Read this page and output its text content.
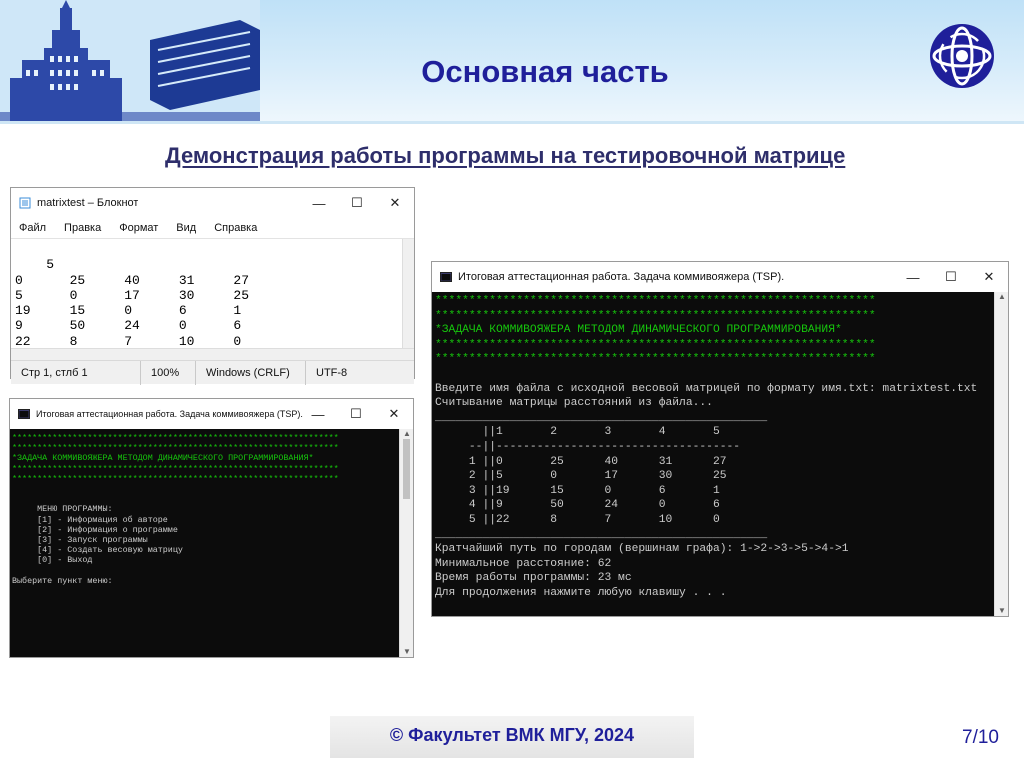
Основная часть
Демонстрация работы программы на тестировочной матрице
matrixtest – Блокнот	—	☐	✕
Файл Правка Формат Вид Справка

5
0      25     40     31     27
5      0      17     30     25
19     15     0      6      1
9      50     24     0      6
22     8      7      10     0

Стр 1, стлб 1	100%	Windows (CRLF)	UTF-8
Итоговая аттестационная работа. Задача коммивояжера (TSP). —	☐	✕
*****************************************************************
*****************************************************************
*ЗАДАЧА КОММИВОЯЖЕРА МЕТОДОМ ДИНАМИЧЕСКОГО ПРОГРАММИРОВАНИЯ*
*****************************************************************
*****************************************************************

МЕНЮ ПРОГРАММЫ:
[1] - Информация об авторе
[2] - Информация о программе
[3] - Запуск программы
[4] - Создать весовую матрицу
[0] - Выход

Выберите пункт меню:
▲
▼
Итоговая аттестационная работа. Задача коммивояжера (TSP).	—	☐	✕
*****************************************************************
*****************************************************************
*ЗАДАЧА КОММИВОЯЖЕРА МЕТОДОМ ДИНАМИЧЕСКОГО ПРОГРАММИРОВАНИЯ*
*****************************************************************
*****************************************************************

Введите имя файла с исходной весовой матрицей по формату имя.txt: matrixtest.txt
Считывание матрицы расстояний из файла...
_________________________________________________
||1       2       3       4       5
--||------------------------------------
1 ||0       25      40      31      27
2 ||5       0       17      30      25
3 ||19      15      0       6       1
4 ||9       50      24      0       6
5 ||22      8       7       10      0
_________________________________________________
Кратчайший путь по городам (вершинам графа): 1->2->3->5->4->1
Минимальное расстояние: 62
Время работы программы: 23 мс
Для продолжения нажмите любую клавишу . . .
▲
▼
© Факультет ВМК МГУ, 2024	7/10
